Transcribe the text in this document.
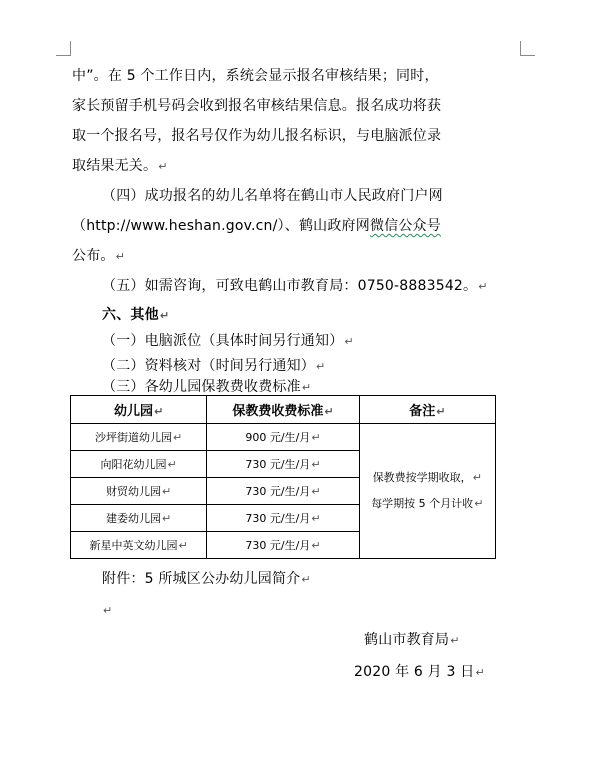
中”。在 5 个工作日内，系统会显示报名审核结果；同时，
家长预留手机号码会收到报名审核结果信息。报名成功将获
取一个报名号，报名号仅作为幼儿报名标识，与电脑派位录
取结果无关。↵
（四）成功报名的幼儿名单将在鹤山市人民政府门户网
（http://www.heshan.gov.cn/）、鹤山政府网微信公众号
公布。↵
（五）如需咨询，可致电鹤山市教育局：0750-8883542。↵
六、其他↵
（一）电脑派位（具体时间另行通知）↵
（二）资料核对（时间另行通知）↵
（三）各幼儿园保教费收费标准↵
幼儿园↵	保教费收费标准↵	备注↵
沙坪街道幼儿园↵	900 元/生/月↵	保教费按学期收取，↵
每学期按 5 个月计收↵

向阳花幼儿园↵	730 元/生/月↵	
财贸幼儿园↵	730 元/生/月↵	
建委幼儿园↵	730 元/生/月↵	
新星中英文幼儿园↵	730 元/生/月↵	
附件：5 所城区公办幼儿园简介↵
↵
鹤山市教育局↵
2020 年 6 月 3 日↵
